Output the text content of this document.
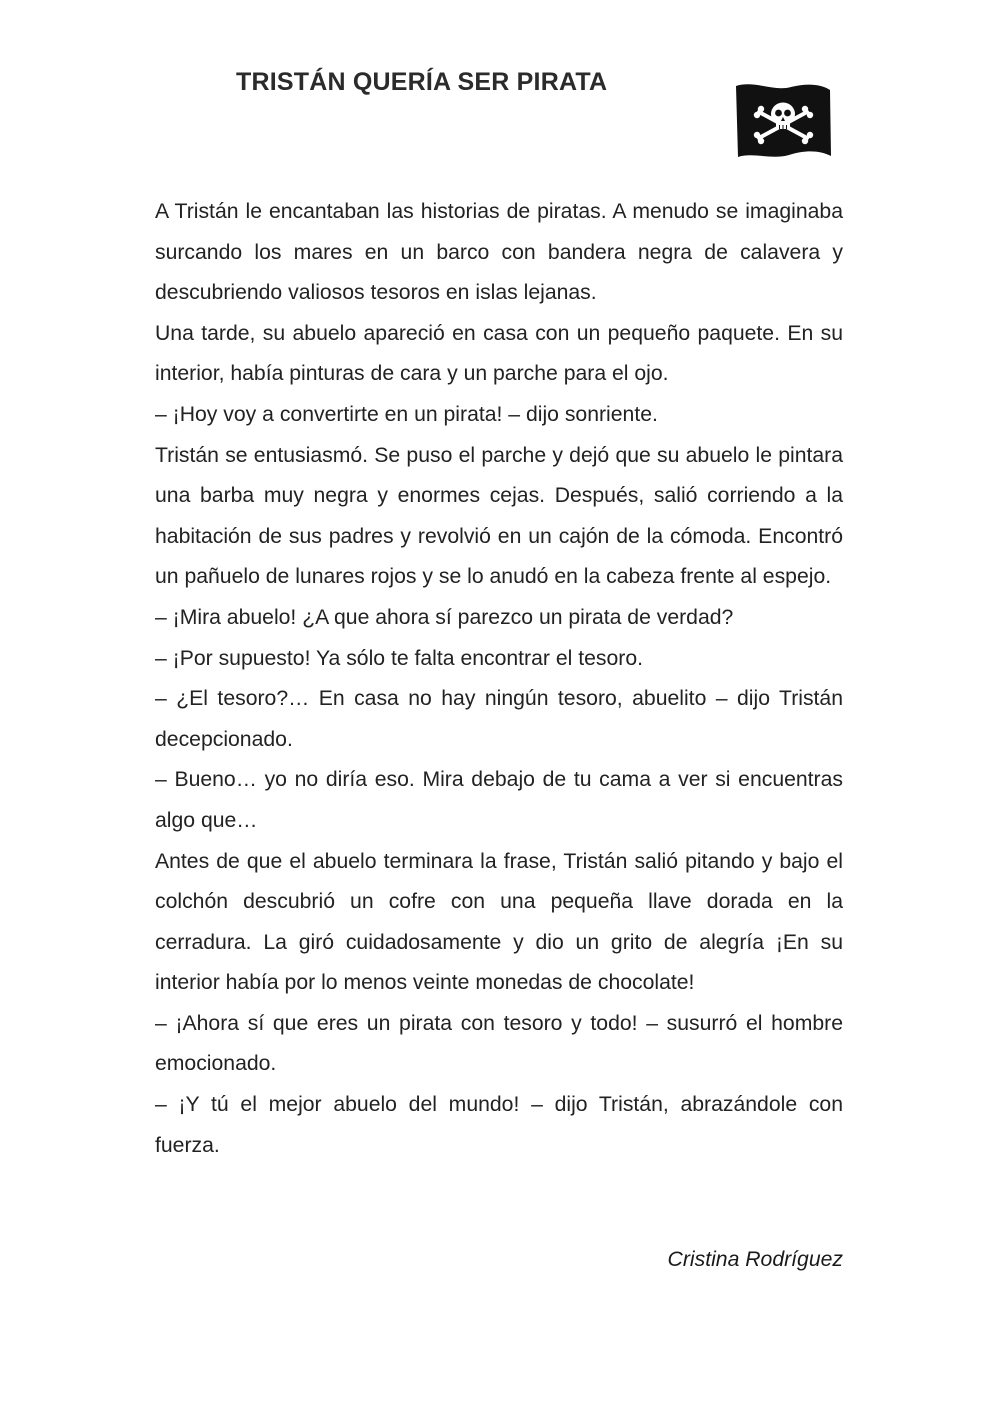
TRISTÁN QUERÍA SER PIRATA

A Tristán le encantaban las historias de piratas. A menudo se imaginaba surcando los mares en un barco con bandera negra de calavera y descubriendo valiosos tesoros en islas lejanas.

Una tarde, su abuelo apareció en casa con un pequeño paquete. En su interior, había pinturas de cara y un parche para el ojo.

– ¡Hoy voy a convertirte en un pirata! – dijo sonriente.

Tristán se entusiasmó. Se puso el parche y dejó que su abuelo le pintara una barba muy negra y enormes cejas. Después, salió corriendo a la habitación de sus padres y revolvió en un cajón de la cómoda. Encontró un pañuelo de lunares rojos y se lo anudó en la cabeza frente al espejo.

– ¡Mira abuelo! ¿A que ahora sí parezco un pirata de verdad?

– ¡Por supuesto! Ya sólo te falta encontrar el tesoro.

– ¿El tesoro?… En casa no hay ningún tesoro, abuelito – dijo Tristán decepcionado.

– Bueno… yo no diría eso. Mira debajo de tu cama a ver si encuentras algo que…

Antes de que el abuelo terminara la frase, Tristán salió pitando y bajo el colchón descubrió un cofre con una pequeña llave dorada en la cerradura. La giró cuidadosamente y dio un grito de alegría ¡En su interior había por lo menos veinte monedas de chocolate!

– ¡Ahora sí que eres un pirata con tesoro y todo! – susurró el hombre emocionado.

– ¡Y tú el mejor abuelo del mundo! – dijo Tristán, abrazándole con fuerza.

Cristina Rodríguez
